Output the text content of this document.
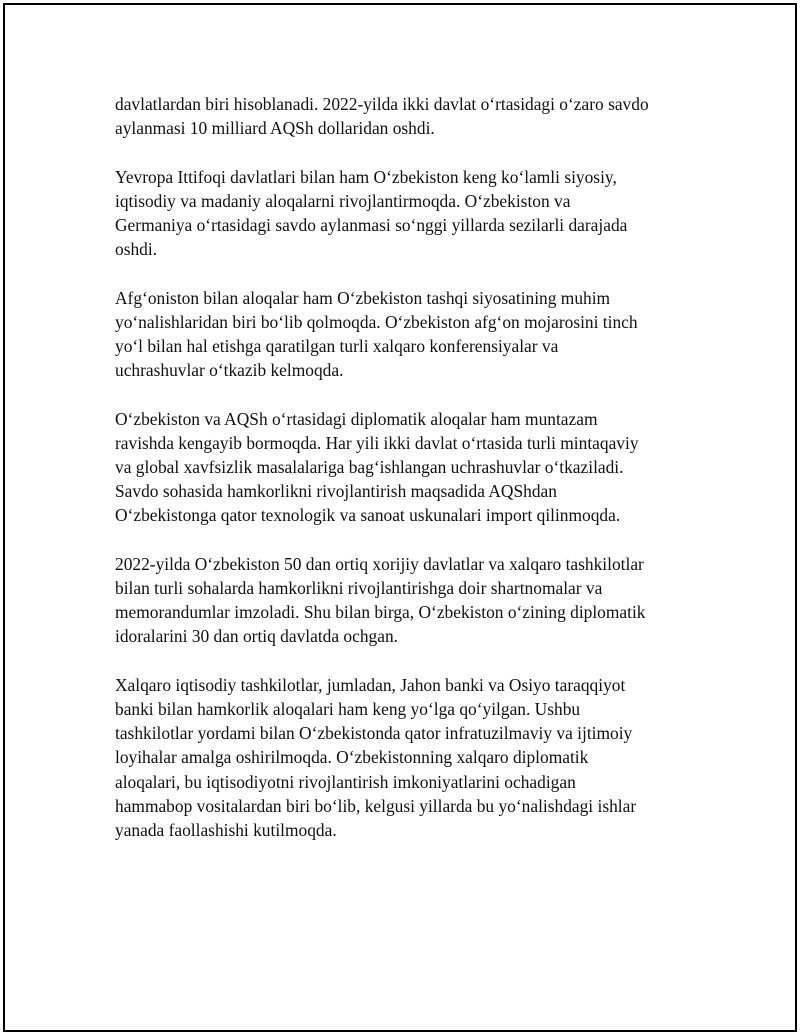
davlatlardan biri hisoblanadi. 2022-yilda ikki davlat o‘rtasidagi o‘zaro savdo
aylanmasi 10 milliard AQSh dollaridan oshdi.

Yevropa Ittifoqi davlatlari bilan ham O‘zbekiston keng ko‘lamli siyosiy,
iqtisodiy va madaniy aloqalarni rivojlantirmoqda. O‘zbekiston va
Germaniya o‘rtasidagi savdo aylanmasi so‘nggi yillarda sezilarli darajada
oshdi.

Afg‘oniston bilan aloqalar ham O‘zbekiston tashqi siyosatining muhim
yo‘nalishlaridan biri bo‘lib qolmoqda. O‘zbekiston afg‘on mojarosini tinch
yo‘l bilan hal etishga qaratilgan turli xalqaro konferensiyalar va
uchrashuvlar o‘tkazib kelmoqda.

O‘zbekiston va AQSh o‘rtasidagi diplomatik aloqalar ham muntazam
ravishda kengayib bormoqda. Har yili ikki davlat o‘rtasida turli mintaqaviy
va global xavfsizlik masalalariga bag‘ishlangan uchrashuvlar o‘tkaziladi.
Savdo sohasida hamkorlikni rivojlantirish maqsadida AQShdan
O‘zbekistonga qator texnologik va sanoat uskunalari import qilinmoqda.

2022-yilda O‘zbekiston 50 dan ortiq xorijiy davlatlar va xalqaro tashkilotlar
bilan turli sohalarda hamkorlikni rivojlantirishga doir shartnomalar va
memorandumlar imzoladi. Shu bilan birga, O‘zbekiston o‘zining diplomatik
idoralarini 30 dan ortiq davlatda ochgan.

Xalqaro iqtisodiy tashkilotlar, jumladan, Jahon banki va Osiyo taraqqiyot
banki bilan hamkorlik aloqalari ham keng yo‘lga qo‘yilgan. Ushbu
tashkilotlar yordami bilan O‘zbekistonda qator infratuzilmaviy va ijtimoiy
loyihalar amalga oshirilmoqda. O‘zbekistonning xalqaro diplomatik
aloqalari, bu iqtisodiyotni rivojlantirish imkoniyatlarini ochadigan
hammabop vositalardan biri bo‘lib, kelgusi yillarda bu yo‘nalishdagi ishlar
yanada faollashishi kutilmoqda.
